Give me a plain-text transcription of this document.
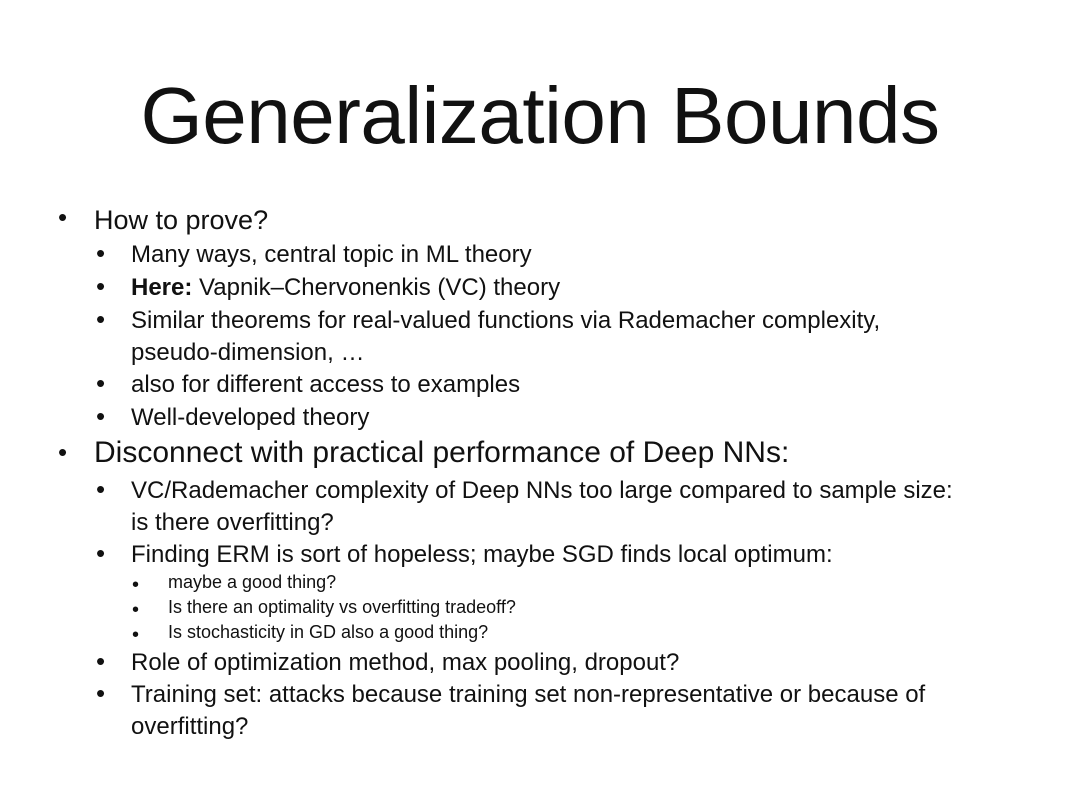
Generalization Bounds
• How to prove?
• Many ways, central topic in ML theory
• Here: Vapnik–Chervonenkis (VC) theory
• Similar theorems for real-valued functions via Rademacher complexity,
pseudo-dimension, …
• also for different access to examples
• Well-developed theory
• Disconnect with practical performance of Deep NNs:
• VC/Rademacher complexity of Deep NNs too large compared to sample size:
is there overfitting?
• Finding ERM is sort of hopeless; maybe SGD finds local optimum:
• maybe a good thing?
• Is there an optimality vs overfitting tradeoff?
• Is stochasticity in GD also a good thing?
• Role of optimization method, max pooling, dropout?
• Training set: attacks because training set non-representative or because of
overfitting?
